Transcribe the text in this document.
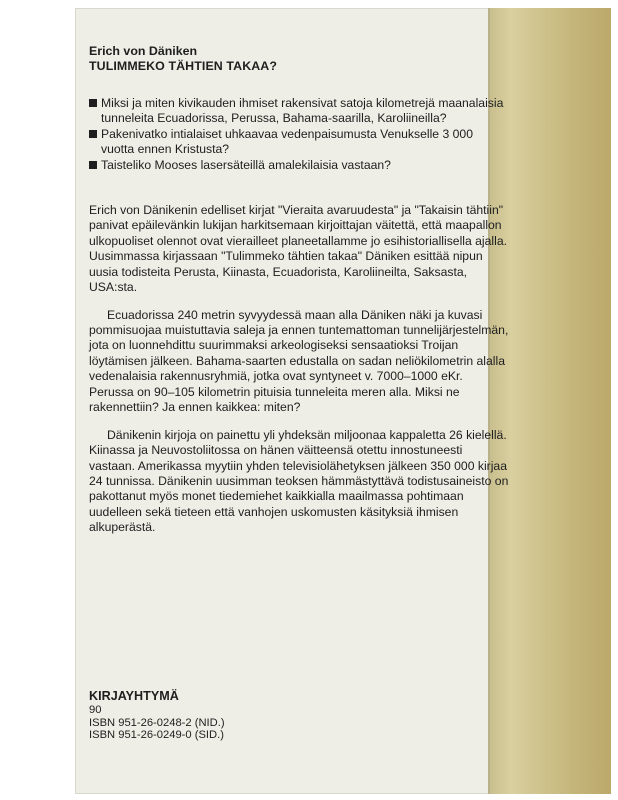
Erich von Däniken
TULIMMEKO TÄHTIEN TAKAA?
Miksi ja miten kivikauden ihmiset rakensivat satoja kilometrejä maanalaisia tunneleita Ecuadorissa, Perussa, Bahama-saarilla, Karoliineilla?
Pakenivatko intialaiset uhkaavaa vedenpaisumusta Venukselle 3 000 vuotta ennen Kristusta?
Taisteliko Mooses lasersäteillä amalekilaisia vastaan?

Erich von Dänikenin edelliset kirjat "Vieraita avaruudesta" ja "Takaisin tähtiin" panivat epäilevänkin lukijan harkitsemaan kirjoittajan väitettä, että maapallon ulkopuoliset olennot ovat vierailleet planeetallamme jo esihistoriallisella ajalla. Uusimmassa kirjassaan "Tulimmeko tähtien takaa" Däniken esittää nipun uusia todisteita Perusta, Kiinasta, Ecuadorista, Karoliineilta, Saksasta, USA:sta.

Ecuadorissa 240 metrin syvyydessä maan alla Däniken näki ja kuvasi pommisuojaa muistuttavia saleja ja ennen tuntemattoman tunnelijärjestelmän, jota on luonnehdittu suurimmaksi arkeologiseksi sensaatioksi Troijan löytämisen jälkeen. Bahama-saarten edustalla on sadan neliökilometrin alalla vedenalaisia rakennusryhmiä, jotka ovat syntyneet v. 7000–1000 eKr. Perussa on 90–105 kilometrin pituisia tunneleita meren alla. Miksi ne rakennettiin? Ja ennen kaikkea: miten?

Dänikenin kirjoja on painettu yli yhdeksän miljoonaa kappaletta 26 kielellä. Kiinassa ja Neuvostoliitossa on hänen väitteensä otettu innostuneesti vastaan. Amerikassa myytiin yhden televisiolähetyksen jälkeen 350 000 kirjaa 24 tunnissa. Dänikenin uusimman teoksen hämmästyttävä todistusaineisto on pakottanut myös monet tiedemiehet kaikkialla maailmassa pohtimaan uudelleen sekä tieteen että vanhojen uskomusten käsityksiä ihmisen alkuperästä.

KIRJAYHTYMÄ
90
ISBN 951-26-0248-2 (NID.)
ISBN 951-26-0249-0 (SID.)
